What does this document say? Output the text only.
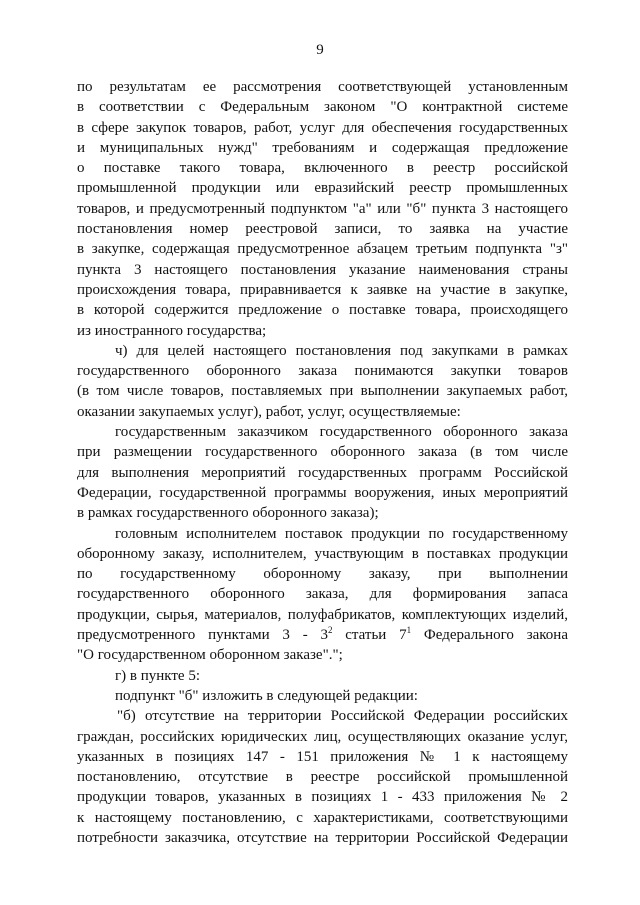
9
по результатам ее рассмотрения соответствующей установленным
в соответствии с Федеральным законом "О контрактной системе
в сфере закупок товаров, работ, услуг для обеспечения государственных
и муниципальных нужд" требованиям и содержащая предложение
о поставке такого товара, включенного в реестр российской
промышленной продукции или евразийский реестр промышленных
товаров, и предусмотренный подпунктом "а" или "б" пункта 3 настоящего
постановления номер реестровой записи, то заявка на участие
в закупке, содержащая предусмотренное абзацем третьим подпункта "з"
пункта 3 настоящего постановления указание наименования страны
происхождения товара, приравнивается к заявке на участие в закупке,
в которой содержится предложение о поставке товара, происходящего
из иностранного государства;
ч) для целей настоящего постановления под закупками в рамках
государственного оборонного заказа понимаются закупки товаров
(в том числе товаров, поставляемых при выполнении закупаемых работ,
оказании закупаемых услуг), работ, услуг, осуществляемые:
государственным заказчиком государственного оборонного заказа
при размещении государственного оборонного заказа (в том числе
для выполнения мероприятий государственных программ Российской
Федерации, государственной программы вооружения, иных мероприятий
в рамках государственного оборонного заказа);
головным исполнителем поставок продукции по государственному
оборонному заказу, исполнителем, участвующим в поставках продукции
по государственному оборонному заказу, при выполнении
государственного оборонного заказа, для формирования запаса
продукции, сырья, материалов, полуфабрикатов, комплектующих изделий,
предусмотренного пунктами $3 - 3^2$ статьи $7^1$ Федерального закона
"О государственном оборонном заказе".";
г) в пункте 5:
подпункт "б" изложить в следующей редакции:
"б) отсутствие на территории Российской Федерации российских
граждан, российских юридических лиц, осуществляющих оказание услуг,
указанных в позициях 147 - 151 приложения № 1 к настоящему
постановлению, отсутствие в реестре российской промышленной
продукции товаров, указанных в позициях 1 - 433 приложения № 2
к настоящему постановлению, с характеристиками, соответствующими
потребности заказчика, отсутствие на территории Российской Федерации
